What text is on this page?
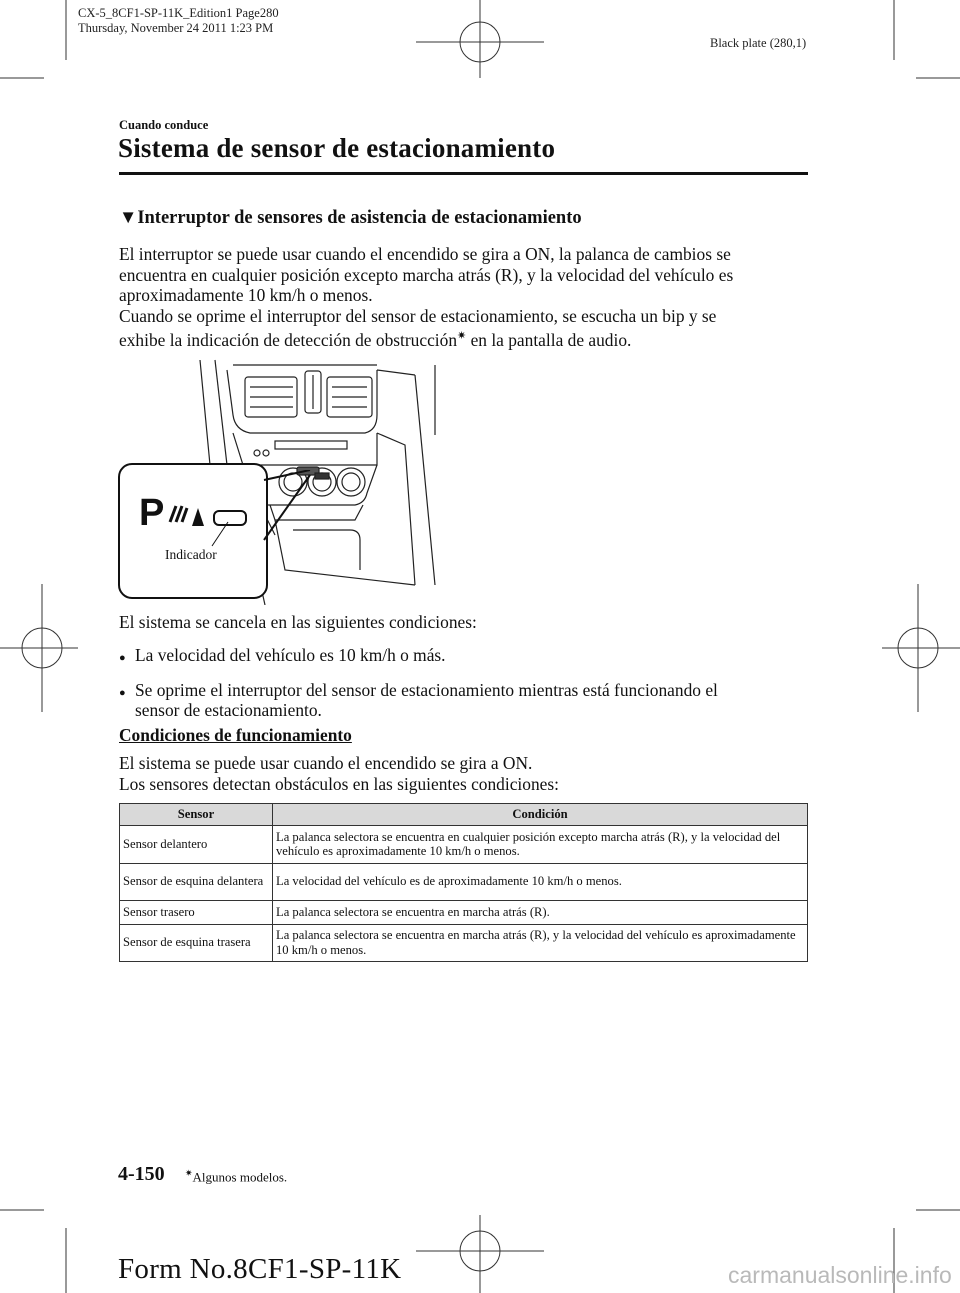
CX-5_8CF1-SP-11K_Edition1 Page280
Thursday, November 24 2011 1:23 PM
Black plate (280,1)
Cuando conduce
Sistema de sensor de estacionamiento
▼Interruptor de sensores de asistencia de estacionamiento
El interruptor se puede usar cuando el encendido se gira a ON, la palanca de cambios se
encuentra en cualquier posición excepto marcha atrás (R), y la velocidad del vehículo es
aproximadamente 10 km/h o menos.
Cuando se oprime el interruptor del sensor de estacionamiento, se escucha un bip y se
exhibe la indicación de detección de obstrucción✷ en la pantalla de audio.
P
Indicador
El sistema se cancela en las siguientes condiciones:
● La velocidad del vehículo es 10 km/h o más.
● Se oprime el interruptor del sensor de estacionamiento mientras está funcionando el
sensor de estacionamiento.
Condiciones de funcionamiento
El sistema se puede usar cuando el encendido se gira a ON.
Los sensores detectan obstáculos en las siguientes condiciones:
Sensor	Condición
Sensor delantero	La palanca selectora se encuentra en cualquier posición excepto marcha atrás (R), y la velocidad del vehículo es aproximadamente 10 km/h o menos.
Sensor de esquina delantera	La velocidad del vehículo es de aproximadamente 10 km/h o menos.
Sensor trasero	La palanca selectora se encuentra en marcha atrás (R).
Sensor de esquina trasera	La palanca selectora se encuentra en marcha atrás (R), y la velocidad del vehículo es aproximadamente 10 km/h o menos.
4-150 ✷Algunos modelos.
Form No.8CF1-SP-11K	carmanualsonline.info
